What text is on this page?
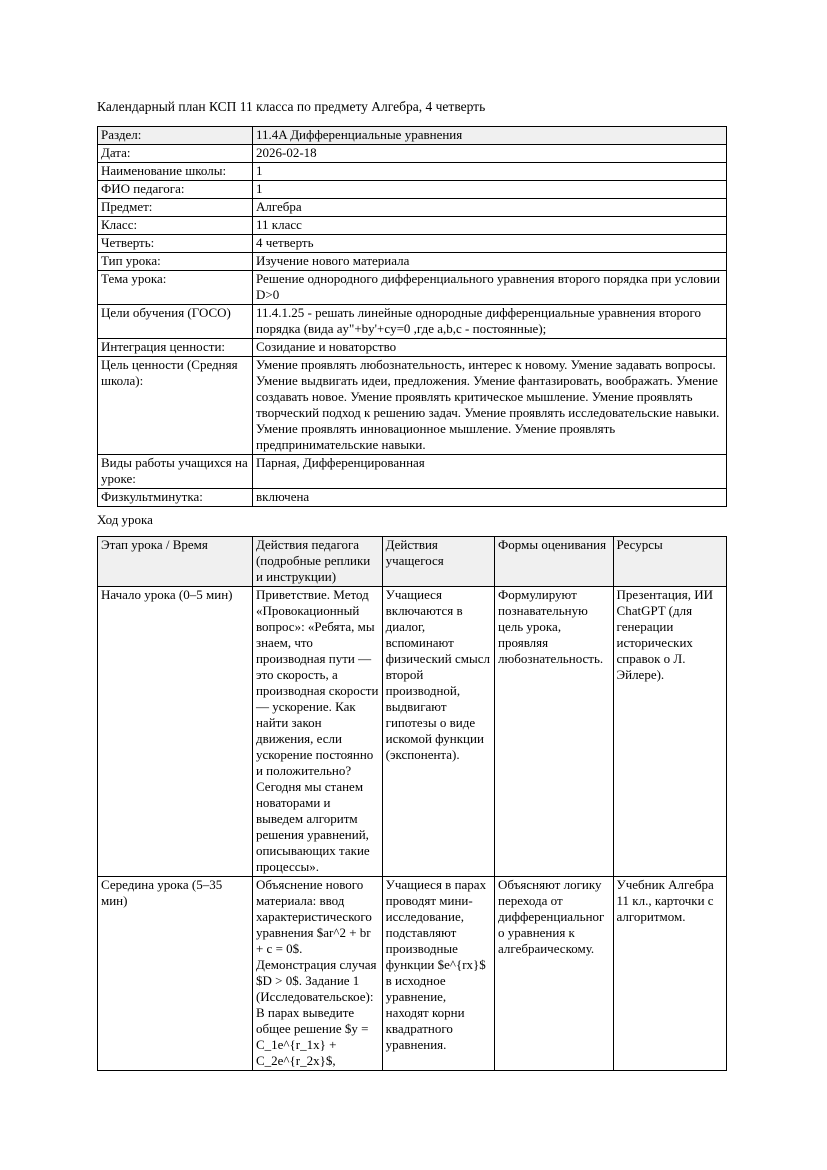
Календарный план КСП 11 класса по предмету Алгебра, 4 четверть
Раздел:	11.4A Дифференциальные уравнения
Дата:	2026-02-18
Наименование школы:	1
ФИО педагога:	1
Предмет:	Алгебра
Класс:	11 класс
Четверть:	4 четверть
Тип урока:	Изучение нового материала
Тема урока:	Решение однородного дифференциального уравнения второго порядка при условии D>0
Цели обучения (ГОСО)	11.4.1.25 - решать линейные однородные дифференциальные уравнения второго порядка (вида ay"+by'+cy=0 ,где a,b,c - постоянные);
Интеграция ценности:	Созидание и новаторство
Цель ценности (Средняя школа):	Умение проявлять любознательность, интерес к новому. Умение задавать вопросы. Умение выдвигать идеи, предложения. Умение фантазировать, воображать. Умение создавать новое. Умение проявлять критическое мышление. Умение проявлять творческий подход к решению задач. Умение проявлять исследовательские навыки. Умение проявлять инновационное мышление. Умение проявлять предпринимательские навыки.
Виды работы учащихся на уроке:	Парная, Дифференцированная
Физкультминутка:	включена
Ход урока
Этап урока / Время	Действия педагога (подробные реплики и инструкции)	Действия учащегося	Формы оценивания	Ресурсы
Начало урока (0–5 мин)	Приветствие. Метод «Провокационный вопрос»: «Ребята, мы знаем, что производная пути — это скорость, а производная скорости — ускорение. Как найти закон движения, если ускорение постоянно и положительно? Сегодня мы станем новаторами и выведем алгоритм решения уравнений, описывающих такие процессы».	Учащиеся включаются в диалог, вспоминают физический смысл второй производной, выдвигают гипотезы о виде искомой функции (экспонента).	Формулируют познавательную цель урока, проявляя любознательность.	Презентация, ИИ ChatGPT (для генерации исторических справок о Л. Эйлере).
Середина урока (5–35 мин)	Объяснение нового материала: ввод характеристического уравнения $ar^2 + br + c = 0$. Демонстрация случая $D > 0$. Задание 1 (Исследовательское): В парах выведите общее решение $y = C_1e^{r_1x} + C_2e^{r_2x}$,	Учащиеся в парах проводят мини-исследование, подставляют производные функции $e^{rx}$ в исходное уравнение, находят корни квадратного уравнения.	Объясняют логику перехода от дифференциального уравнения к алгебраическому.	Учебник Алгебра 11 кл., карточки с алгоритмом.
